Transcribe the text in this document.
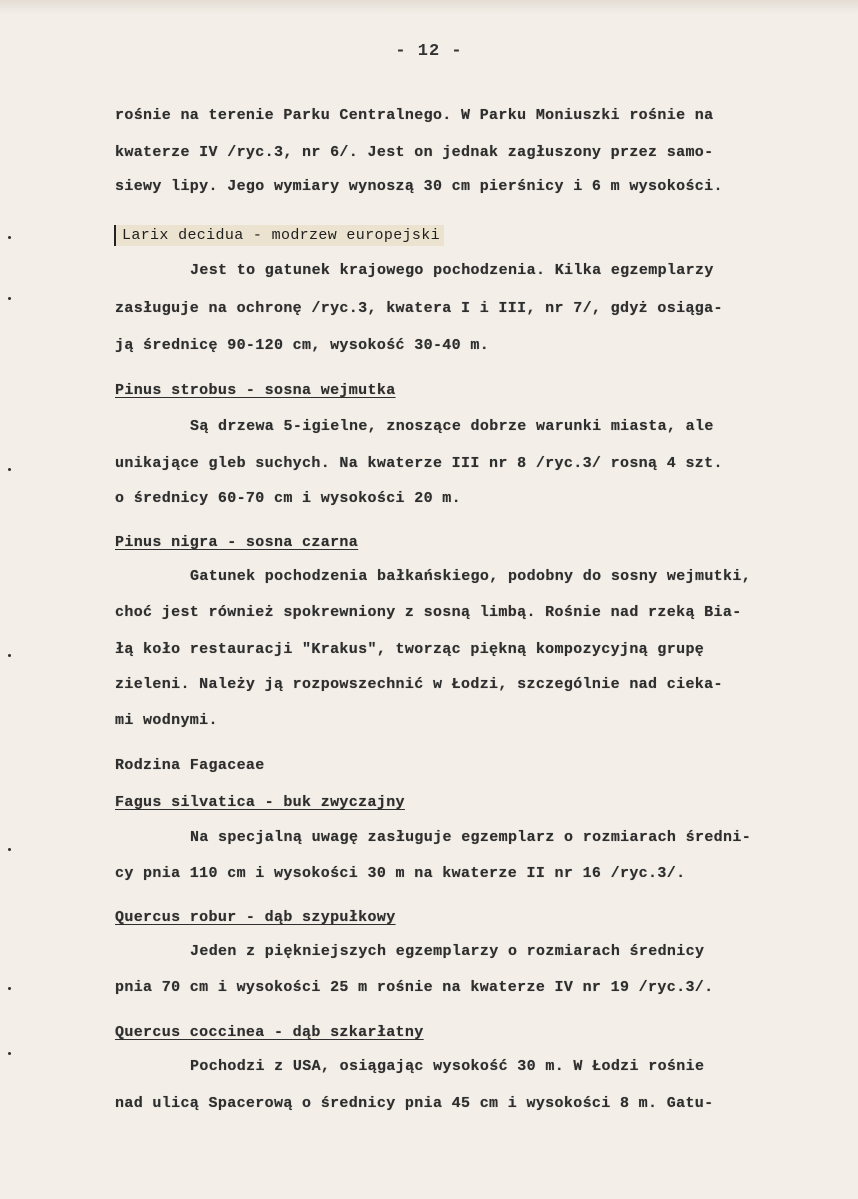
- 12 -
rośnie na terenie Parku Centralnego. W Parku Moniuszki rośnie na
kwaterze IV /ryc.3, nr 6/. Jest on jednak zagłuszony przez samo-
siewy lipy. Jego wymiary wynoszą 30 cm pierśnicy i 6 m wysokości.
Larix decidua - modrzew europejski
Jest to gatunek krajowego pochodzenia. Kilka egzemplarzy
zasługuje na ochronę /ryc.3, kwatera I i III, nr 7/, gdyż osiąga-
ją średnicę 90-120 cm, wysokość 30-40 m.
Pinus strobus - sosna wejmutka
Są drzewa 5-igielne, znoszące dobrze warunki miasta, ale
unikające gleb suchych. Na kwaterze III nr 8 /ryc.3/ rosną 4 szt.
o średnicy 60-70 cm i wysokości 20 m.
Pinus nigra - sosna czarna
Gatunek pochodzenia bałkańskiego, podobny do sosny wejmutki,
choć jest również spokrewniony z sosną limbą. Rośnie nad rzeką Bia-
łą koło restauracji "Krakus", tworząc piękną kompozycyjną grupę
zieleni. Należy ją rozpowszechnić w Łodzi, szczególnie nad cieka-
mi wodnymi.
Rodzina Fagaceae
Fagus silvatica - buk zwyczajny
Na specjalną uwagę zasługuje egzemplarz o rozmiarach średni-
cy pnia 110 cm i wysokości 30 m na kwaterze II nr 16 /ryc.3/.
Quercus robur - dąb szypułkowy
Jeden z piękniejszych egzemplarzy o rozmiarach średnicy
pnia 70 cm i wysokości 25 m rośnie na kwaterze IV nr 19 /ryc.3/.
Quercus coccinea - dąb szkarłatny
Pochodzi z USA, osiągając wysokość 30 m. W Łodzi rośnie
nad ulicą Spacerową o średnicy pnia 45 cm i wysokości 8 m. Gatu-
